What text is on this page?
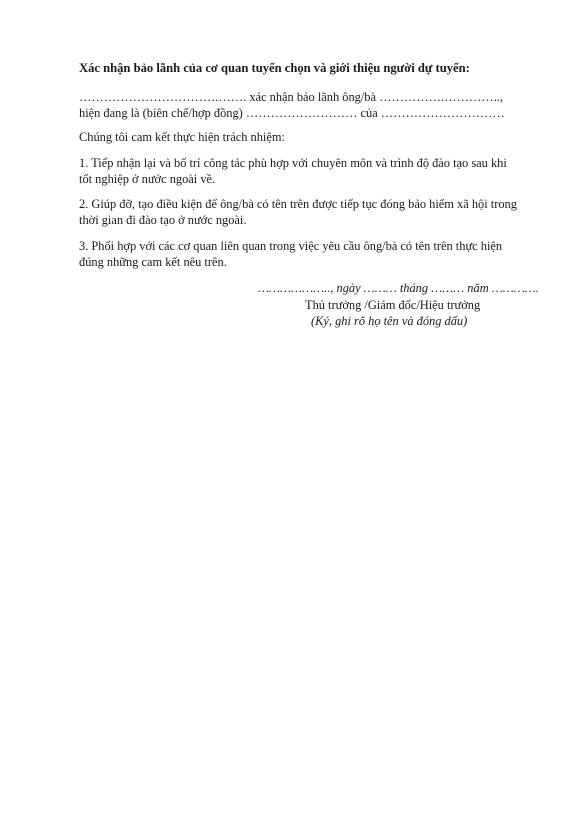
Xác nhận bảo lãnh của cơ quan tuyển chọn và giới thiệu người dự tuyển:
…………………………….……. xác nhận bảo lãnh ông/bà …………….…………..,
hiện đang là (biên chế/hợp đồng) ……………………… của …………………………
Chúng tôi cam kết thực hiện trách nhiệm:
1. Tiếp nhận lại và bố trí công tác phù hợp với chuyên môn và trình độ đào tạo sau khi
tốt nghiệp ở nước ngoài về.
2. Giúp đỡ, tạo điều kiện để ông/bà có tên trên được tiếp tục đóng bảo hiểm xã hội trong
thời gian đi đào tạo ở nước ngoài.
3. Phối hợp với các cơ quan liên quan trong việc yêu cầu ông/bà có tên trên thực hiện
đúng những cam kết nêu trên.
……………….., ngày ……… tháng ……… năm ………….
Thủ trưởng /Giám đốc/Hiệu trưởng
(Ký, ghi rõ họ tên và đóng dấu)
